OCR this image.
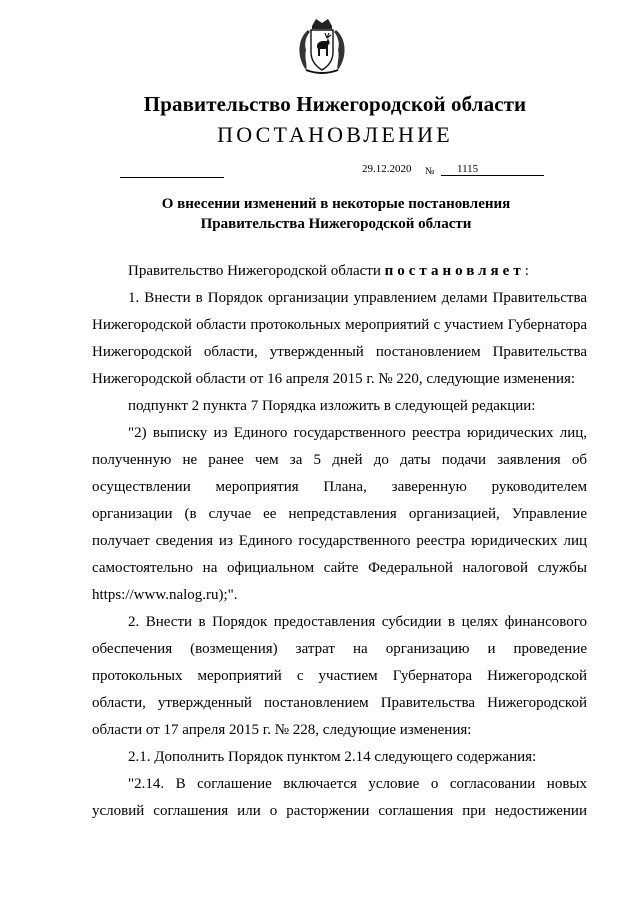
Правительство Нижегородской области
ПОСТАНОВЛЕНИЕ
29.12.2020 №	1115
О внесении изменений в некоторые постановления
Правительства Нижегородской области

Правительство Нижегородской области постановляет:

1. Внести в Порядок организации управлением делами Правительства Нижегородской области протокольных мероприятий с участием Губернатора Нижегородской области, утвержденный постановлением Правительства Нижегородской области от 16 апреля 2015 г. № 220, следующие изменения:

подпункт 2 пункта 7 Порядка изложить в следующей редакции:

"2) выписку из Единого государственного реестра юридических лиц, полученную не ранее чем за 5 дней до даты подачи заявления об осуществлении мероприятия Плана, заверенную руководителем организации (в случае ее непредставления организацией, Управление получает сведения из Единого государственного реестра юридических лиц самостоятельно на официальном сайте Федеральной налоговой службы https://www.nalog.ru);".

2. Внести в Порядок предоставления субсидии в целях финансового обеспечения (возмещения) затрат на организацию и проведение протокольных мероприятий с участием Губернатора Нижегородской области, утвержденный постановлением Правительства Нижегородской области от 17 апреля 2015 г. № 228, следующие изменения:

2.1. Дополнить Порядок пунктом 2.14 следующего содержания:

"2.14. В соглашение включается условие о согласовании новых условий соглашения или о расторжении соглашения при недостижении
